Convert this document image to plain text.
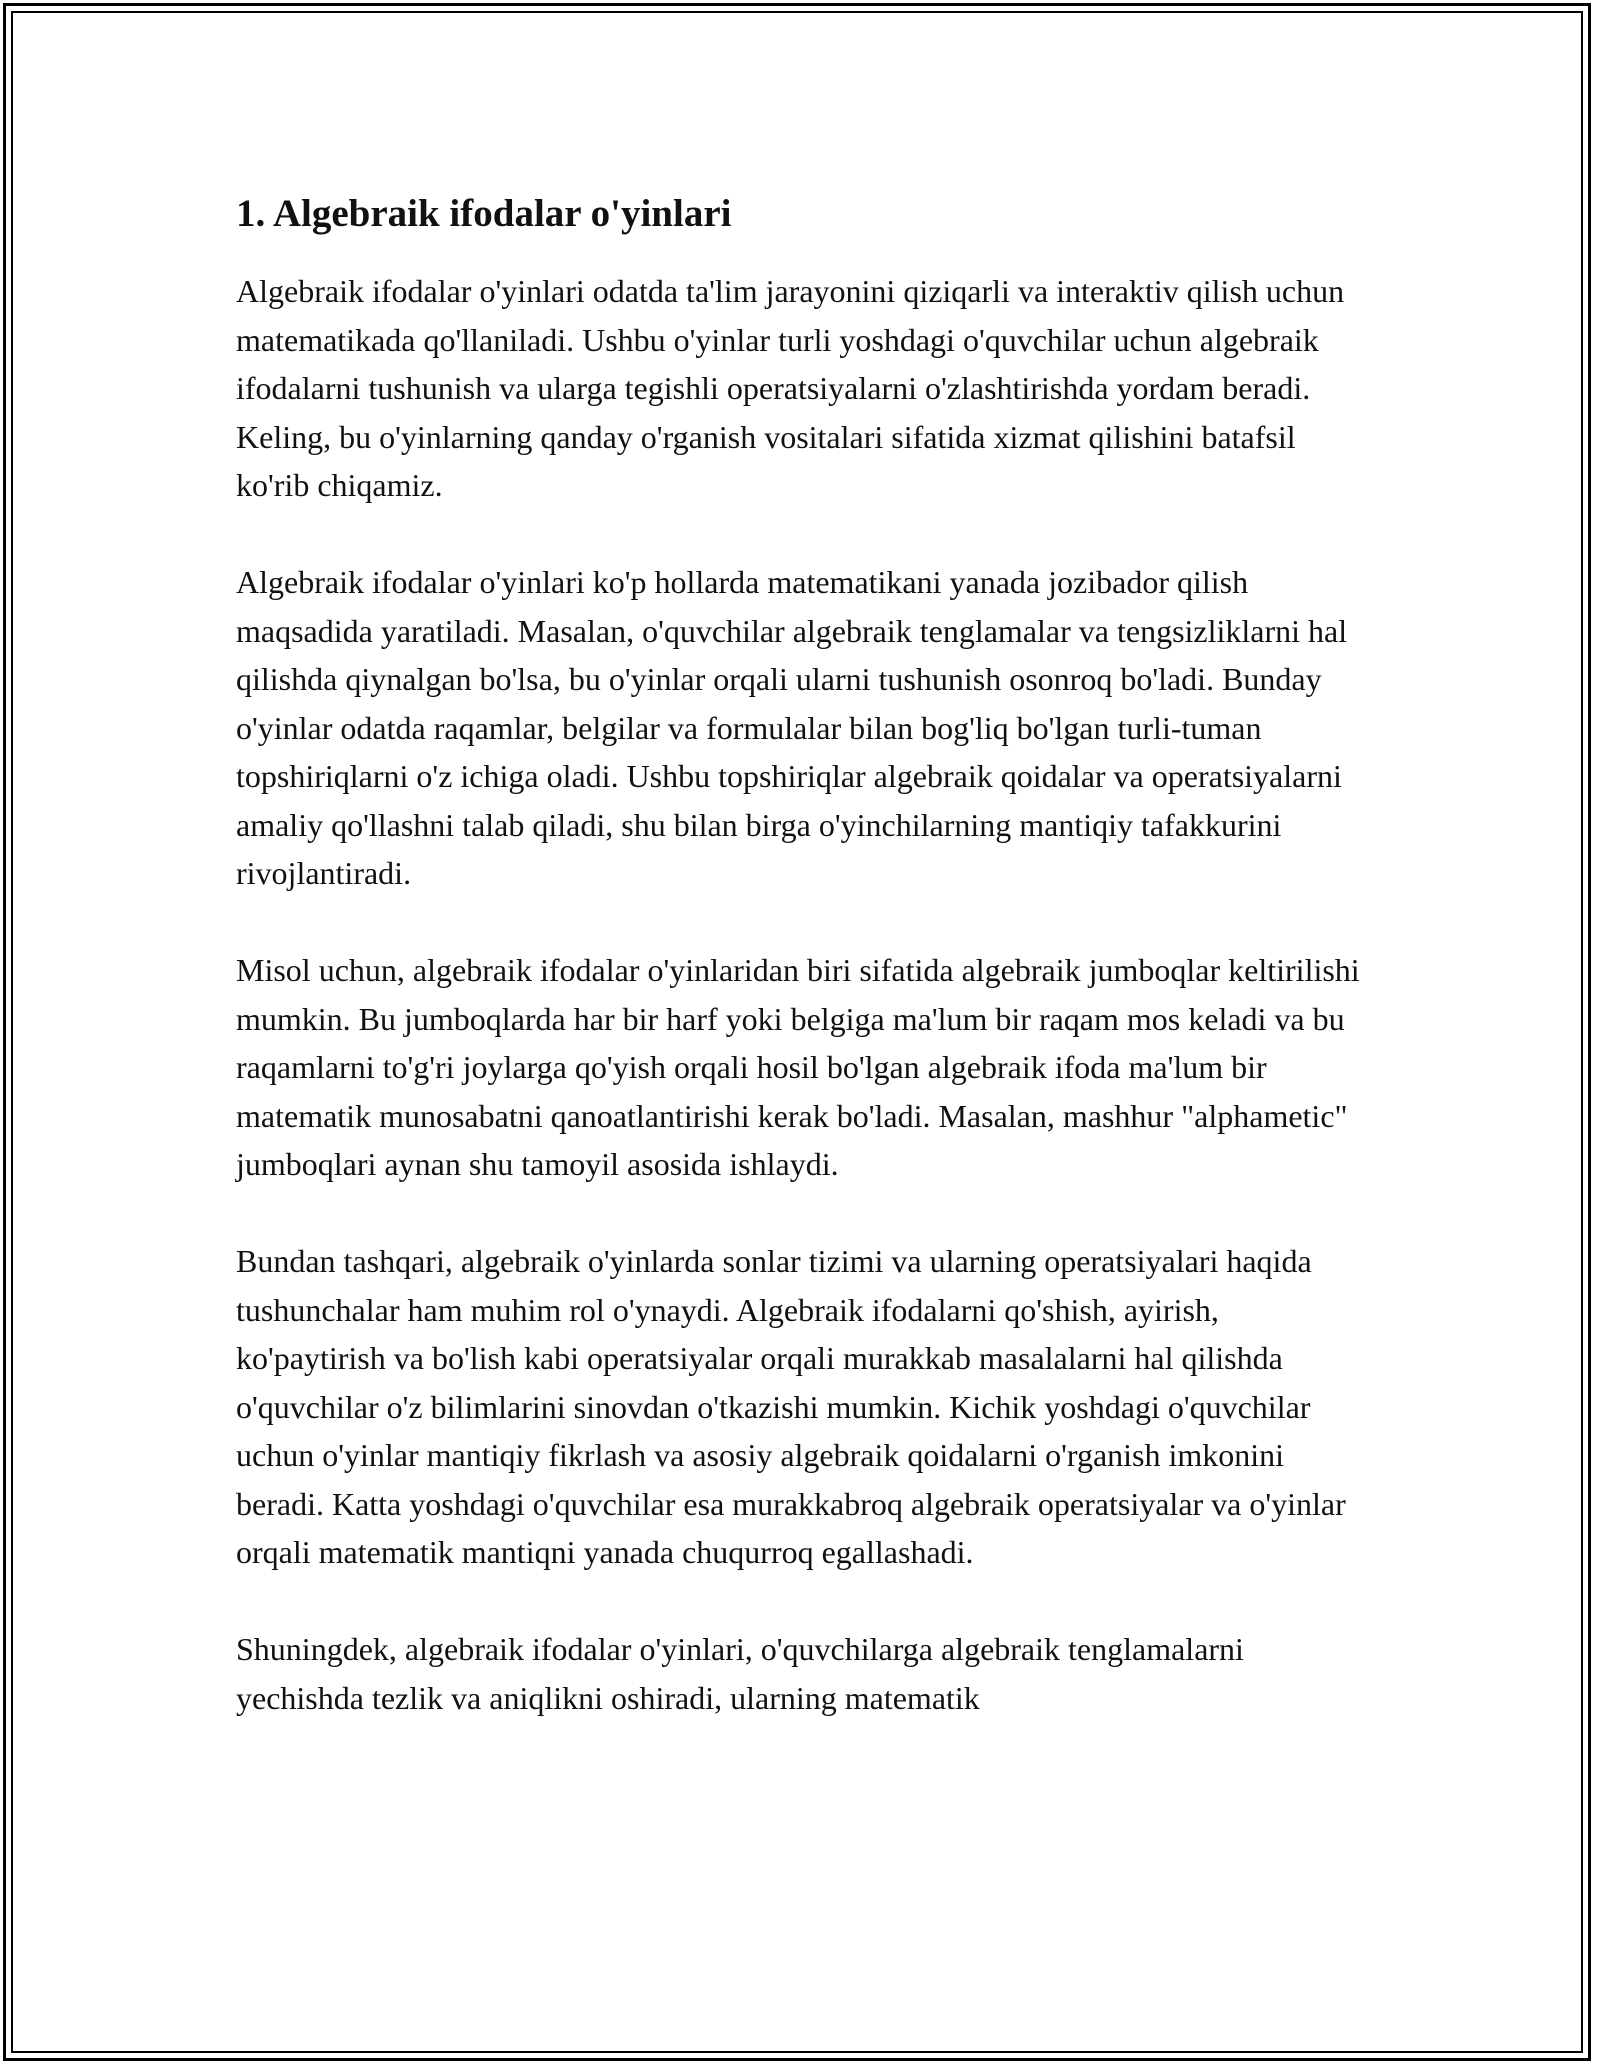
1. Algebraik ifodalar o'yinlari

Algebraik ifodalar o'yinlari odatda ta'lim jarayonini qiziqarli va interaktiv qilish uchun matematikada qo'llaniladi. Ushbu o'yinlar turli yoshdagi o'quvchilar uchun algebraik ifodalarni tushunish va ularga tegishli operatsiyalarni o'zlashtirishda yordam beradi. Keling, bu o'yinlarning qanday o'rganish vositalari sifatida xizmat qilishini batafsil ko'rib chiqamiz.

Algebraik ifodalar o'yinlari ko'p hollarda matematikani yanada jozibador qilish maqsadida yaratiladi. Masalan, o'quvchilar algebraik tenglamalar va tengsizliklarni hal qilishda qiynalgan bo'lsa, bu o'yinlar orqali ularni tushunish osonroq bo'ladi. Bunday o'yinlar odatda raqamlar, belgilar va formulalar bilan bog'liq bo'lgan turli-tuman topshiriqlarni o'z ichiga oladi. Ushbu topshiriqlar algebraik qoidalar va operatsiyalarni amaliy qo'llashni talab qiladi, shu bilan birga o'yinchilarning mantiqiy tafakkurini rivojlantiradi.

Misol uchun, algebraik ifodalar o'yinlaridan biri sifatida algebraik jumboqlar keltirilishi mumkin. Bu jumboqlarda har bir harf yoki belgiga ma'lum bir raqam mos keladi va bu raqamlarni to'g'ri joylarga qo'yish orqali hosil bo'lgan algebraik ifoda ma'lum bir matematik munosabatni qanoatlantirishi kerak bo'ladi. Masalan, mashhur "alphametic" jumboqlari aynan shu tamoyil asosida ishlaydi.

Bundan tashqari, algebraik o'yinlarda sonlar tizimi va ularning operatsiyalari haqida tushunchalar ham muhim rol o'ynaydi. Algebraik ifodalarni qo'shish, ayirish, ko'paytirish va bo'lish kabi operatsiyalar orqali murakkab masalalarni hal qilishda o'quvchilar o'z bilimlarini sinovdan o'tkazishi mumkin. Kichik yoshdagi o'quvchilar uchun o'yinlar mantiqiy fikrlash va asosiy algebraik qoidalarni o'rganish imkonini beradi. Katta yoshdagi o'quvchilar esa murakkabroq algebraik operatsiyalar va o'yinlar orqali matematik mantiqni yanada chuqurroq egallashadi.

Shuningdek, algebraik ifodalar o'yinlari, o'quvchilarga algebraik tenglamalarni yechishda tezlik va aniqlikni oshiradi, ularning matematik
